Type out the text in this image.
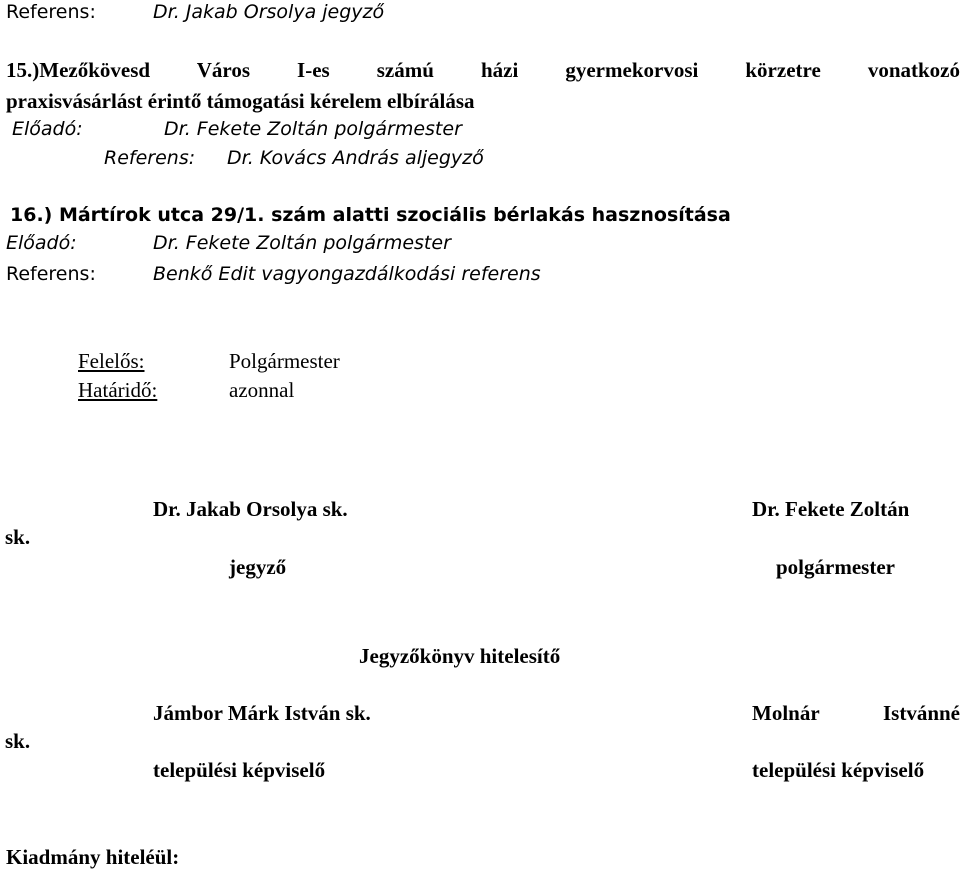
Referens:	Dr. Jakab Orsolya jegyző
15.)Mezőkövesd Város I-es számú házi gyermekorvosi körzetre vonatkozó
praxisvásárlást érintő támogatási kérelem elbírálása
Előadó:	Dr. Fekete Zoltán polgármester
Referens: Dr. Kovács András aljegyző
16.) Mártírok utca 29/1. szám alatti szociális bérlakás hasznosítása
Előadó:	Dr. Fekete Zoltán polgármester
Referens:	Benkő Edit vagyongazdálkodási referens
Felelős:	Polgármester
Határidő:	azonnal
Dr. Jakab Orsolya sk.	Dr. Fekete Zoltán
sk.
jegyző	polgármester
Jegyzőkönyv hitelesítő
Jámbor Márk István sk.	Molnár Istvánné
sk.
települési képviselő	települési képviselő
Kiadmány hiteléül:
